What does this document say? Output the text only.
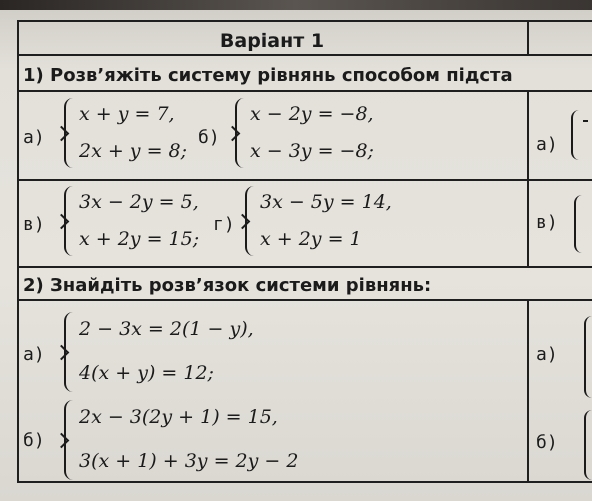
Варіант 1
1) Розв’яжіть систему рівнянь способом підста
а)
x + y = 7,
2x + y = 8;
б)
x − 2y = −8,
x − 3y = −8;
в)
3x − 2y = 5,
x + 2y = 15;
г)
3x − 5y = 14,
x + 2y = 1
а)
в)
2) Знайдіть розв’язок системи рівнянь:
а)
2 − 3x = 2(1 − y),
4(x + y) = 12;
б)
2x − 3(2y + 1) = 15,
3(x + 1) + 3y = 2y − 2
а)
б)
